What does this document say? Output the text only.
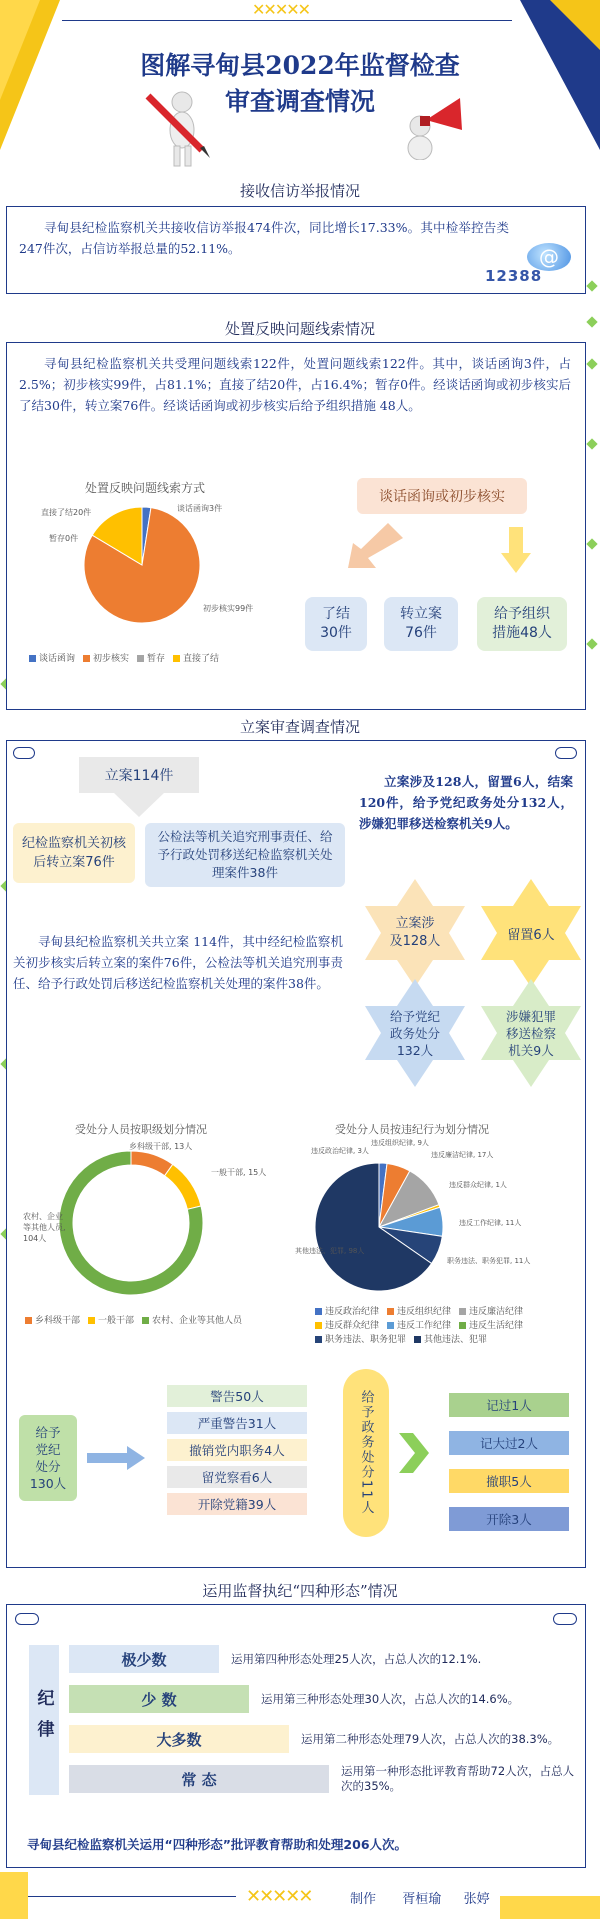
✕✕✕✕✕
图解寻甸县2022年监督检查
审查调查情况
接收信访举报情况
寻甸县纪检监察机关共接收信访举报474件次，同比增长17.33%。其中检举控告类247件次，占信访举报总量的52.11%。	@
12388
处置反映问题线索情况
寻甸县纪检监察机关共受理问题线索122件，处置问题线索122件。其中，谈话函询3件，占2.5%；初步核实99件，占81.1%；直接了结20件，占16.4%；暂存0件。经谈话函询或初步核实后了结30件，转立案76件。经谈话函询或初步核实后给予组织措施 48人。
处置反映问题线索方式
谈话函询3件
初步核实99件
暂存0件
直接了结20件
谈话函询 初步核实 暂存 直接了结
谈话函询或初步核实
了结
30件
转立案
76件
给予组织
措施48人
立案审查调查情况
立案114件
纪检监察机关初核后转立案76件
公检法等机关追究刑事责任、给予行政处罚移送纪检监察机关处理案件38件
立案涉及128人，留置6人，结案120件，给予党纪政务处分132人，涉嫌犯罪移送检察机关9人。
寻甸县纪检监察机关共立案 114件，其中经纪检监察机关初步核实后转立案的案件76件，公检法等机关追究刑事责任、给予行政处罚后移送纪检监察机关处理的案件38件。
立案涉
及128人	留置6人
给予党纪
政务处分
132人
涉嫌犯罪
移送检察
机关9人
受处分人员按职级划分情况
乡科级干部, 13人
一般干部, 15人
农村、企业等其他人员, 104人
乡科级干部 一般干部 农村、企业等其他人员
受处分人员按违纪行为划分情况
违反政治纪律, 3人
违反组织纪律, 9人
违反廉洁纪律, 17人
违反群众纪律, 1人
违反工作纪律, 11人
职务违法、职务犯罪, 11人
其他违法、犯罪, 98人
违反政治纪律 违反组织纪律 违反廉洁纪律违反群众纪律 违反工作纪律 违反生活纪律职务违法、职务犯罪 其他违法、犯罪
给予
党纪
处分
130人
警告50人
严重警告31人
撤销党内职务4人
留党察看6人
开除党籍39人	给予政务处分11人	记过1人
记大过2人
撤职5人
开除3人
运用监督执纪“四种形态”情况
纪律
极少数	运用第四种形态处理25人次，占总人次的12.1%.
少 数	运用第三种形态处理30人次，占总人次的14.6%。
大多数	运用第二种形态处理79人次，占总人次的38.3%。
常 态	运用第一种形态批评教育帮助72人次，占总人次的35%。
寻甸县纪检监察机关运用“四种形态”批评教育帮助和处理206人次。
✕✕✕✕✕	制作 胥桓瑜 张婷
